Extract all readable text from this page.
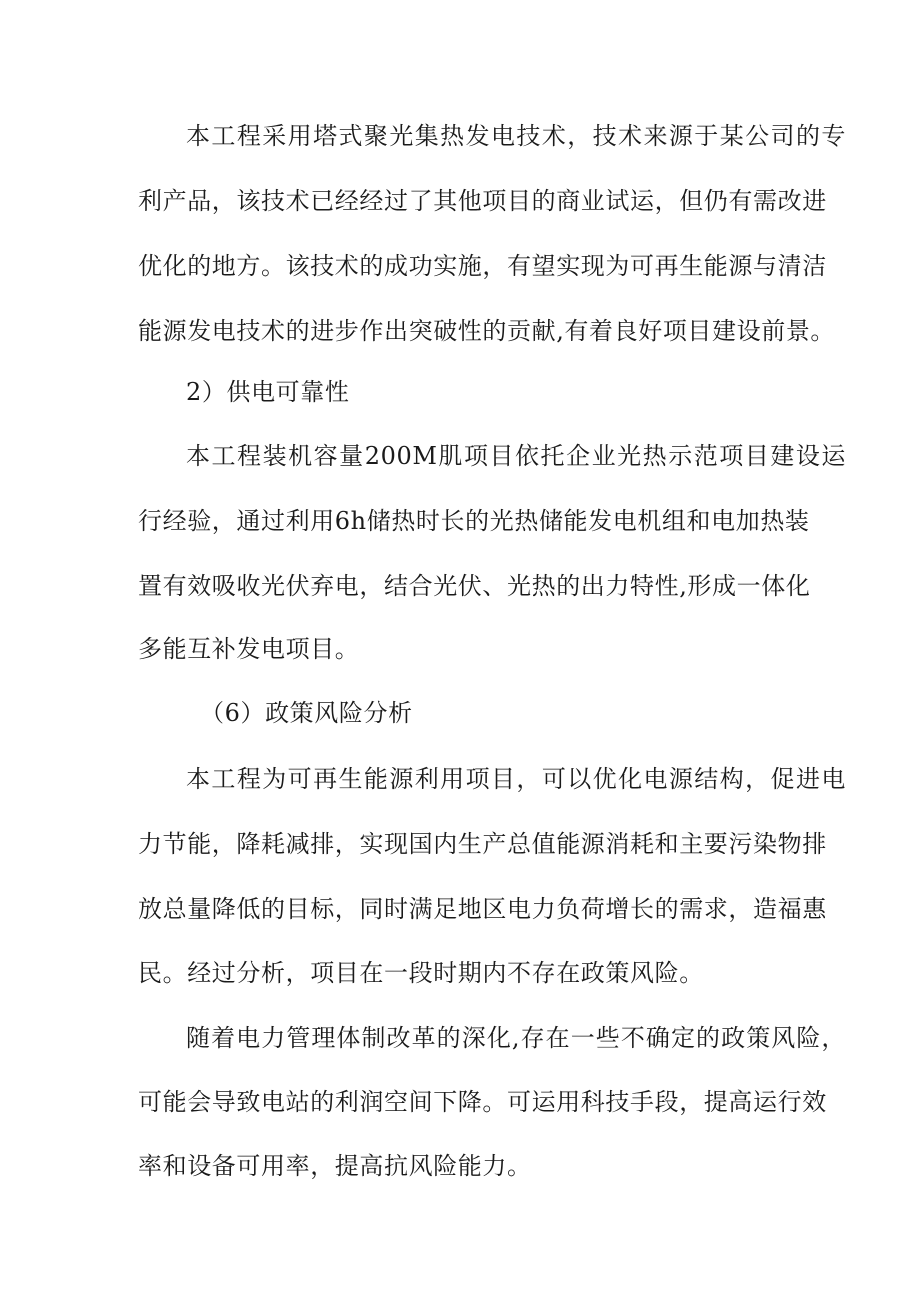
本工程采用塔式聚光集热发电技术，技术来源于某公司的专
利产品，该技术已经经过了其他项目的商业试运，但仍有需改进
优化的地方。该技术的成功实施，有望实现为可再生能源与清洁
能源发电技术的进步作出突破性的贡献,有着良好项目建设前景。
2）供电可靠性
本工程装机容量200M肌项目依托企业光热示范项目建设运
行经验，通过利用6h储热时长的光热储能发电机组和电加热装
置有效吸收光伏弃电，结合光伏、光热的出力特性,形成一体化
多能互补发电项目。
（6）政策风险分析
本工程为可再生能源利用项目，可以优化电源结构，促进电
力节能，降耗减排，实现国内生产总值能源消耗和主要污染物排
放总量降低的目标，同时满足地区电力负荷增长的需求，造福惠
民。经过分析，项目在一段时期内不存在政策风险。
随着电力管理体制改革的深化,存在一些不确定的政策风险，
可能会导致电站的利润空间下降。可运用科技手段，提高运行效
率和设备可用率，提高抗风险能力。
